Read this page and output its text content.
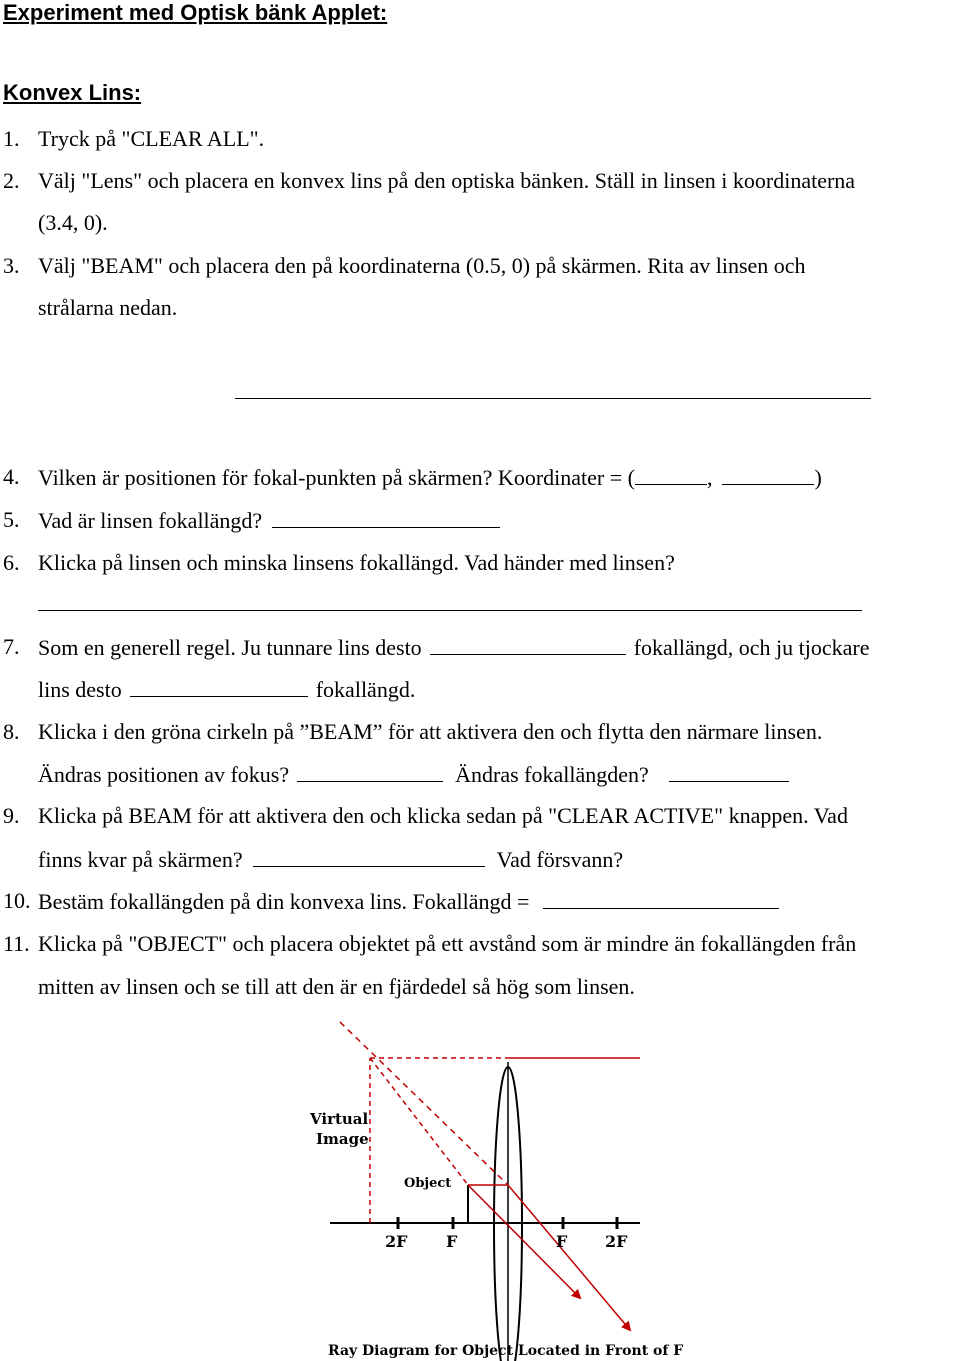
Experiment med Optisk bänk Applet:
Konvex Lins:
1. Tryck på "CLEAR ALL".
2. Välj "Lens" och placera en konvex lins på den optiska bänken. Ställ in linsen i koordinaterna
(3.4, 0).
3. Välj "BEAM" och placera den på koordinaterna (0.5, 0) på skärmen. Rita av linsen och
strålarna nedan.
4. Vilken är positionen för fokal-punkten på skärmen? Koordinater = (	,	)
5. Vad är linsen fokallängd?
6. Klicka på linsen och minska linsens fokallängd. Vad händer med linsen?
7. Som en generell regel. Ju tunnare lins desto	fokallängd, och ju tjockare
lins desto	fokallängd.
8. Klicka i den gröna cirkeln på ”BEAM” för att aktivera den och flytta den närmare linsen.
Ändras positionen av fokus?	Ändras fokallängden?
9. Klicka på BEAM för att aktivera den och klicka sedan på "CLEAR ACTIVE" knappen. Vad
finns kvar på skärmen?	Vad försvann?
10. Bestäm fokallängden på din konvexa lins. Fokallängd =
11. Klicka på "OBJECT" och placera objektet på ett avstånd som är mindre än fokallängden från
mitten av linsen och se till att den är en fjärdedel så hög som linsen.
Virtual
Image
Object
2F F	F 2F
Ray Diagram for Object Located in Front of F
